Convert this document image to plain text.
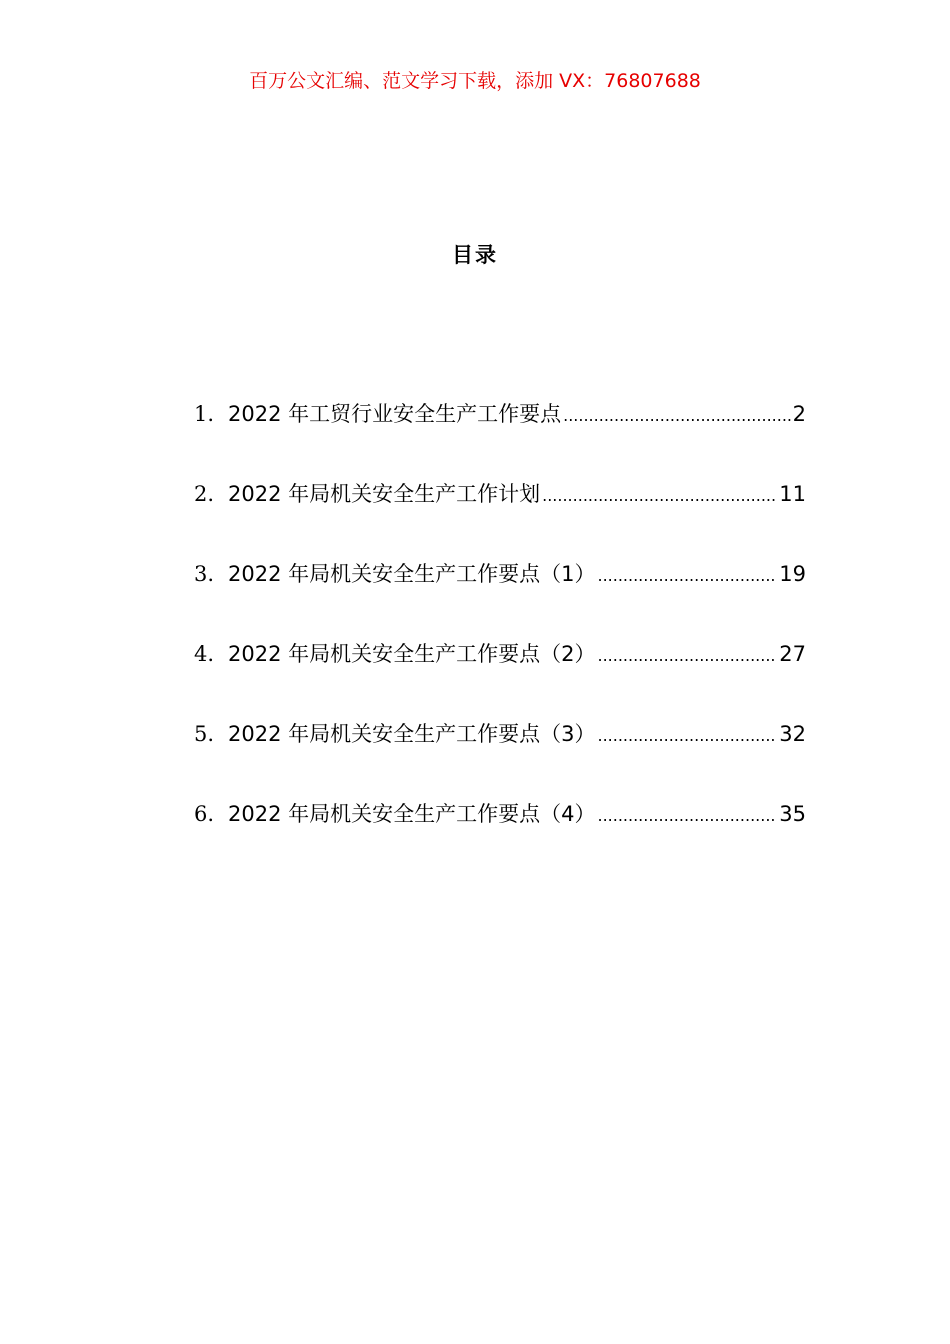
百万公文汇编、范文学习下载，添加 VX：76807688
目录
1. 2022 年工贸行业安全生产工作要点 .....	2
2. 2022 年局机关安全生产工作计划 .....	11
3. 2022 年局机关安全生产工作要点（1） .....	19
4. 2022 年局机关安全生产工作要点（2） .....	27
5. 2022 年局机关安全生产工作要点（3） .....	32
6. 2022 年局机关安全生产工作要点（4） .....	35
